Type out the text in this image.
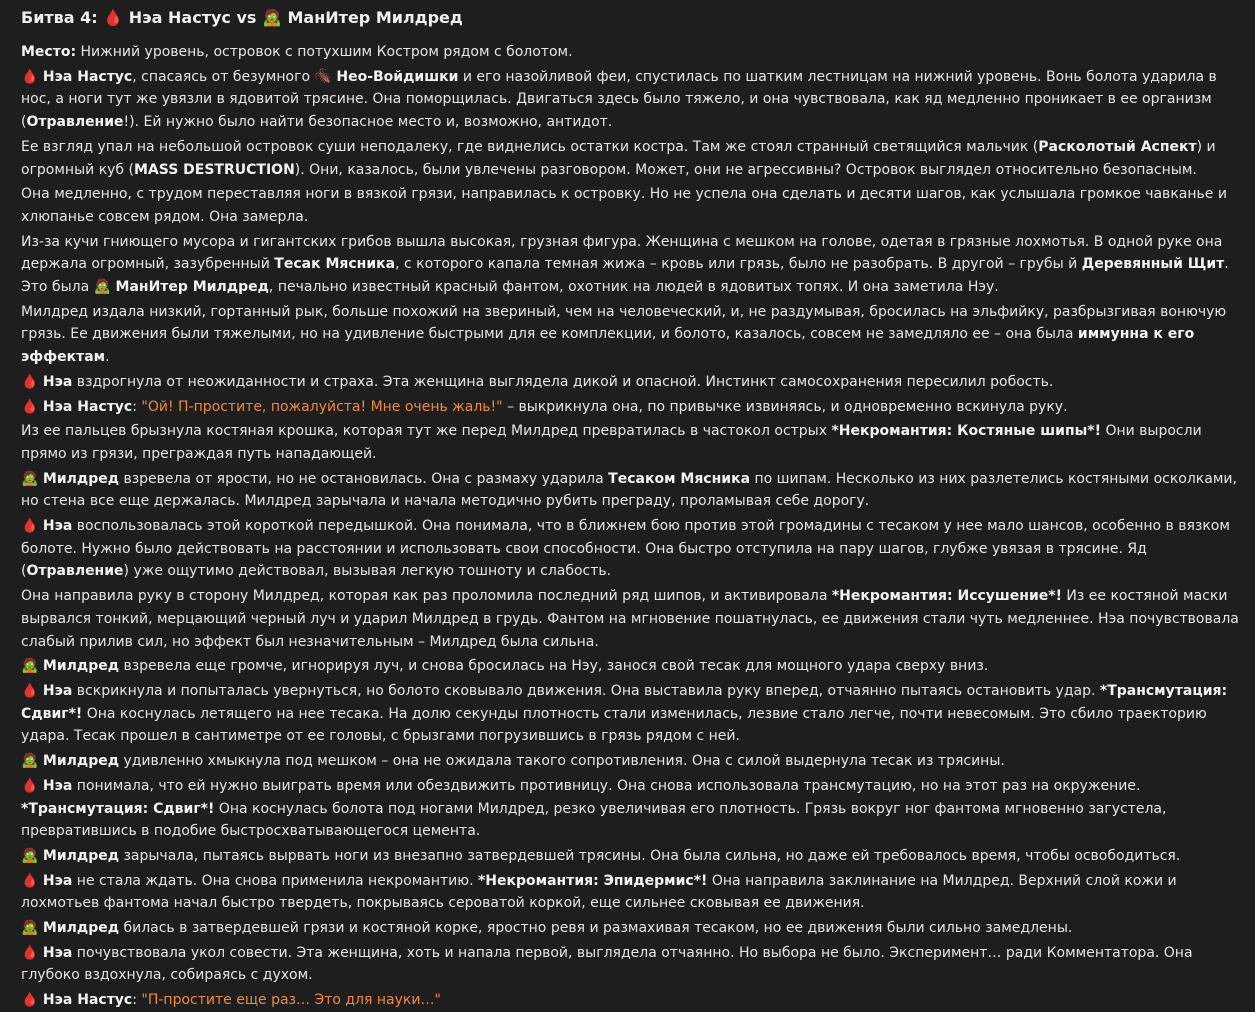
Битва 4: 🩸 Нэа Настус vs 🧟 МанИтер Милдред

Место: Нижний уровень, островок с потухшим Костром рядом с болотом.

🩸 Нэа Настус, спасаясь от безумного 🪳 Нео-Войдишки и его назойливой феи, спустилась по шатким лестницам на нижний уровень. Вонь болота ударила в нос, а ноги тут же увязли в ядовитой трясине. Она поморщилась. Двигаться здесь было тяжело, и она чувствовала, как яд медленно проникает в ее организм (Отравление!). Ей нужно было найти безопасное место и, возможно, антидот.

Ее взгляд упал на небольшой островок суши неподалеку, где виднелись остатки костра. Там же стоял странный светящийся мальчик (Расколотый Аспект) и огромный куб (MASS DESTRUCTION). Они, казалось, были увлечены разговором. Может, они не агрессивны? Островок выглядел относительно безопасным.

Она медленно, с трудом переставляя ноги в вязкой грязи, направилась к островку. Но не успела она сделать и десяти шагов, как услышала громкое чавканье и хлюпанье совсем рядом. Она замерла.

Из-за кучи гниющего мусора и гигантских грибов вышла высокая, грузная фигура. Женщина с мешком на голове, одетая в грязные лохмотья. В одной руке она держала огромный, зазубренный Тесак Мясника, с которого капала темная жижа – кровь или грязь, было не разобрать. В другой – грубы й Деревянный Щит. Это была 🧟 МанИтер Милдред, печально известный красный фантом, охотник на людей в ядовитых топях. И она заметила Нэу.

Милдред издала низкий, гортанный рык, больше похожий на звериный, чем на человеческий, и, не раздумывая, бросилась на эльфийку, разбрызгивая вонючую грязь. Ее движения были тяжелыми, но на удивление быстрыми для ее комплекции, и болото, казалось, совсем не замедляло ее – она была иммунна к его эффектам.

🩸 Нэа вздрогнула от неожиданности и страха. Эта женщина выглядела дикой и опасной. Инстинкт самосохранения пересилил робость.

🩸 Нэа Настус: "Ой! П-простите, пожалуйста! Мне очень жаль!" – выкрикнула она, по привычке извиняясь, и одновременно вскинула руку.

Из ее пальцев брызнула костяная крошка, которая тут же перед Милдред превратилась в частокол острых *Некромантия: Костяные шипы*! Они выросли прямо из грязи, преграждая путь нападающей.

🧟 Милдред взревела от ярости, но не остановилась. Она с размаху ударила Тесаком Мясника по шипам. Несколько из них разлетелись костяными осколками, но стена все еще держалась. Милдред зарычала и начала методично рубить преграду, проламывая себе дорогу.

🩸 Нэа воспользовалась этой короткой передышкой. Она понимала, что в ближнем бою против этой громадины с тесаком у нее мало шансов, особенно в вязком болоте. Нужно было действовать на расстоянии и использовать свои способности. Она быстро отступила на пару шагов, глубже увязая в трясине. Яд (Отравление) уже ощутимо действовал, вызывая легкую тошноту и слабость.

Она направила руку в сторону Милдред, которая как раз проломила последний ряд шипов, и активировала *Некромантия: Иссушение*! Из ее костяной маски вырвался тонкий, мерцающий черный луч и ударил Милдред в грудь. Фантом на мгновение пошатнулась, ее движения стали чуть медленнее. Нэа почувствовала слабый прилив сил, но эффект был незначительным – Милдред была сильна.

🧟 Милдред взревела еще громче, игнорируя луч, и снова бросилась на Нэу, занося свой тесак для мощного удара сверху вниз.

🩸 Нэа вскрикнула и попыталась увернуться, но болото сковывало движения. Она выставила руку вперед, отчаянно пытаясь остановить удар. *Трансмутация: Сдвиг*! Она коснулась летящего на нее тесака. На долю секунды плотность стали изменилась, лезвие стало легче, почти невесомым. Это сбило траекторию удара. Тесак прошел в сантиметре от ее головы, с брызгами погрузившись в грязь рядом с ней.

🧟 Милдред удивленно хмыкнула под мешком – она не ожидала такого сопротивления. Она с силой выдернула тесак из трясины.

🩸 Нэа понимала, что ей нужно выиграть время или обездвижить противницу. Она снова использовала трансмутацию, но на этот раз на окружение. *Трансмутация: Сдвиг*! Она коснулась болота под ногами Милдред, резко увеличивая его плотность. Грязь вокруг ног фантома мгновенно загустела, превратившись в подобие быстросхватывающегося цемента.

🧟 Милдред зарычала, пытаясь вырвать ноги из внезапно затвердевшей трясины. Она была сильна, но даже ей требовалось время, чтобы освободиться.

🩸 Нэа не стала ждать. Она снова применила некромантию. *Некромантия: Эпидермис*! Она направила заклинание на Милдред. Верхний слой кожи и лохмотьев фантома начал быстро твердеть, покрываясь сероватой коркой, еще сильнее сковывая ее движения.

🧟 Милдред билась в затвердевшей грязи и костяной корке, яростно ревя и размахивая тесаком, но ее движения были сильно замедлены.

🩸 Нэа почувствовала укол совести. Эта женщина, хоть и напала первой, выглядела отчаянно. Но выбора не было. Эксперимент… ради Комментатора. Она глубоко вздохнула, собираясь с духом.

🩸 Нэа Настус: "П-простите еще раз… Это для науки…"
